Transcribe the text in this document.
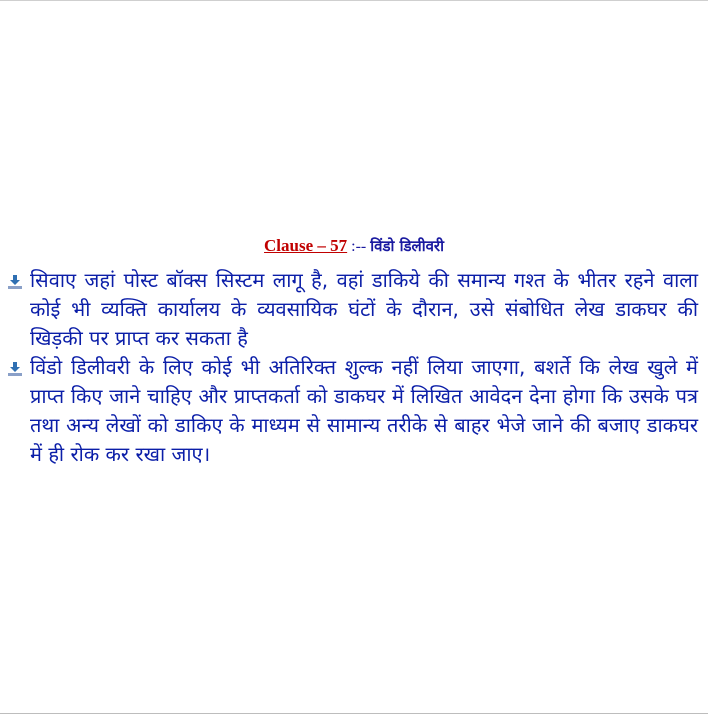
Clause – 57 :-- विंडो डिलीवरी
सिवाए जहां पोस्ट बॉक्स सिस्टम लागू है, वहां डाकिये की समान्य गश्त के भीतर रहने वाला कोई भी व्यक्ति कार्यालय के व्यवसायिक घंटों के दौरान, उसे संबोधित लेख डाकघर की खिड़की पर प्राप्त कर सकता है
विंडो डिलीवरी के लिए कोई भी अतिरिक्त शुल्क नहीं लिया जाएगा, बशर्ते कि लेख खुले में प्राप्त किए जाने चाहिए और प्राप्तकर्ता को डाकघर में लिखित आवेदन देना होगा कि उसके पत्र तथा अन्य लेखों को डाकिए के माध्यम से सामान्य तरीके से बाहर भेजे जाने की बजाए डाकघर में ही रोक कर रखा जाए।
